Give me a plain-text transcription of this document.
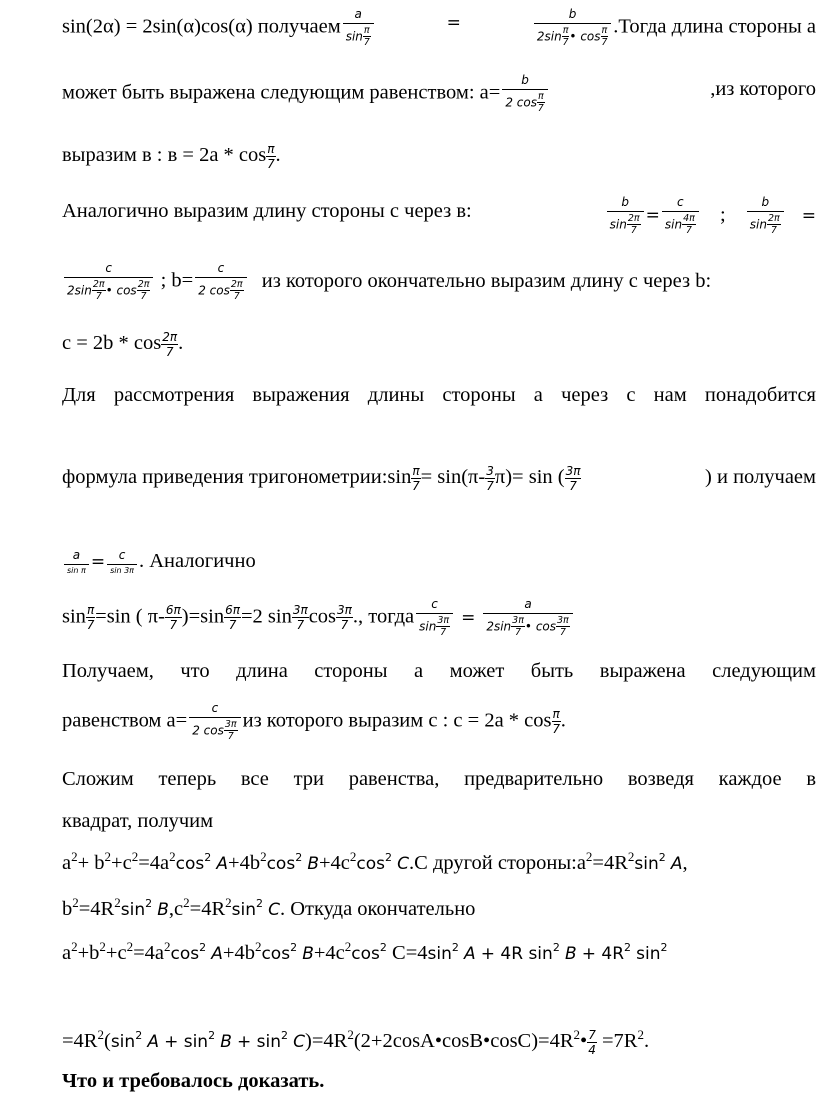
sin(2α) = 2sin(α)cos(α) получаем $\frac{a}{\sin \frac{\pi}{7}}$	=	$\frac{b}{2\sin \frac{\pi}{7} • \cos \frac{\pi}{7}}$ .Тогда длина стороны а
может быть выражена следующим равенством: $а= \frac{b}{2 \cos \frac{\pi}{7}}$	,из которого
выразим в : $в = 2а * \cos \frac{\pi}{7}$ .
Аналогично выразим длину стороны с через в:	$\frac{b}{\sin \frac{2\pi}{7}} = \frac{c}{\sin \frac{4\pi}{7}}$ ; $\frac{b}{\sin \frac{2\pi}{7}}$ =
$\frac{c}{2\sin \frac{2\pi}{7} • \cos \frac{2\pi}{7}}$ ; $b= \frac{c}{2 \cos \frac{2\pi}{7}}$ из которого окончательно выразим длину с через b:
$c = 2b * \cos \frac{2\pi}{7}$ .
Для рассмотрения выражения длины стороны а через с нам понадобится
формула приведения тригонометрии:sin $\frac{\pi}{7} = \sin(\pi- \frac{3}{7} \pi)= \sin$ ( $\frac{3\pi}{7}$	) и получаем
$\frac{a}{\text{sin π}} = \frac{c}{\sin 3\pi}$ . Аналогично
$\sin \frac{\pi}{7} =\sin$ ( $\pi- \frac{6\pi}{7} )=\sin \frac{6\pi}{7} =2$ $\sin \frac{3\pi}{7}$ $\cos \frac{3\pi}{7}$ ., тогда $\frac{c}{\sin \frac{3\pi}{7}} = \frac{a}{2\sin \frac{3\pi}{7} • \cos \frac{3\pi}{7}}$
Получаем, что длина стороны а может быть выражена следующим
равенством $а= \frac{c}{2 \cos \frac{3\pi}{7}}$ из которого выразим с : $с = 2а * \cos \frac{\pi}{7}$ .
Сложим теперь все три равенства, предварительно возведя каждое в
квадрат, получим
$a^2+ b^2+c^2=4a^2\cos^2$ $A+4b^2\cos^2$ $B+4c^2\cos^2$ C.С другой $стороны:a^2=4R^2\sin^2$ A,
$b^2=4R^2\sin^2$ $B,c^2=4R^2\sin^2$ C. Откуда окончательно
$a^2+b^2+c^2=4a^2\cos^2$ $A+4b^2\cos^2$ $B+4c^2\cos^2$ $C=4\sin^2$ A + 4R $\sin^2 B + 4R^2$ $\sin^2$
$=4R^2(\sin^2$ $A + \sin^2 B + \sin^2$ $C)=4R^2(2+2\cos A•\cos B•\cos C)=4R^2• \frac{7}{4} =7R^2$.
Что и требовалось доказать.
